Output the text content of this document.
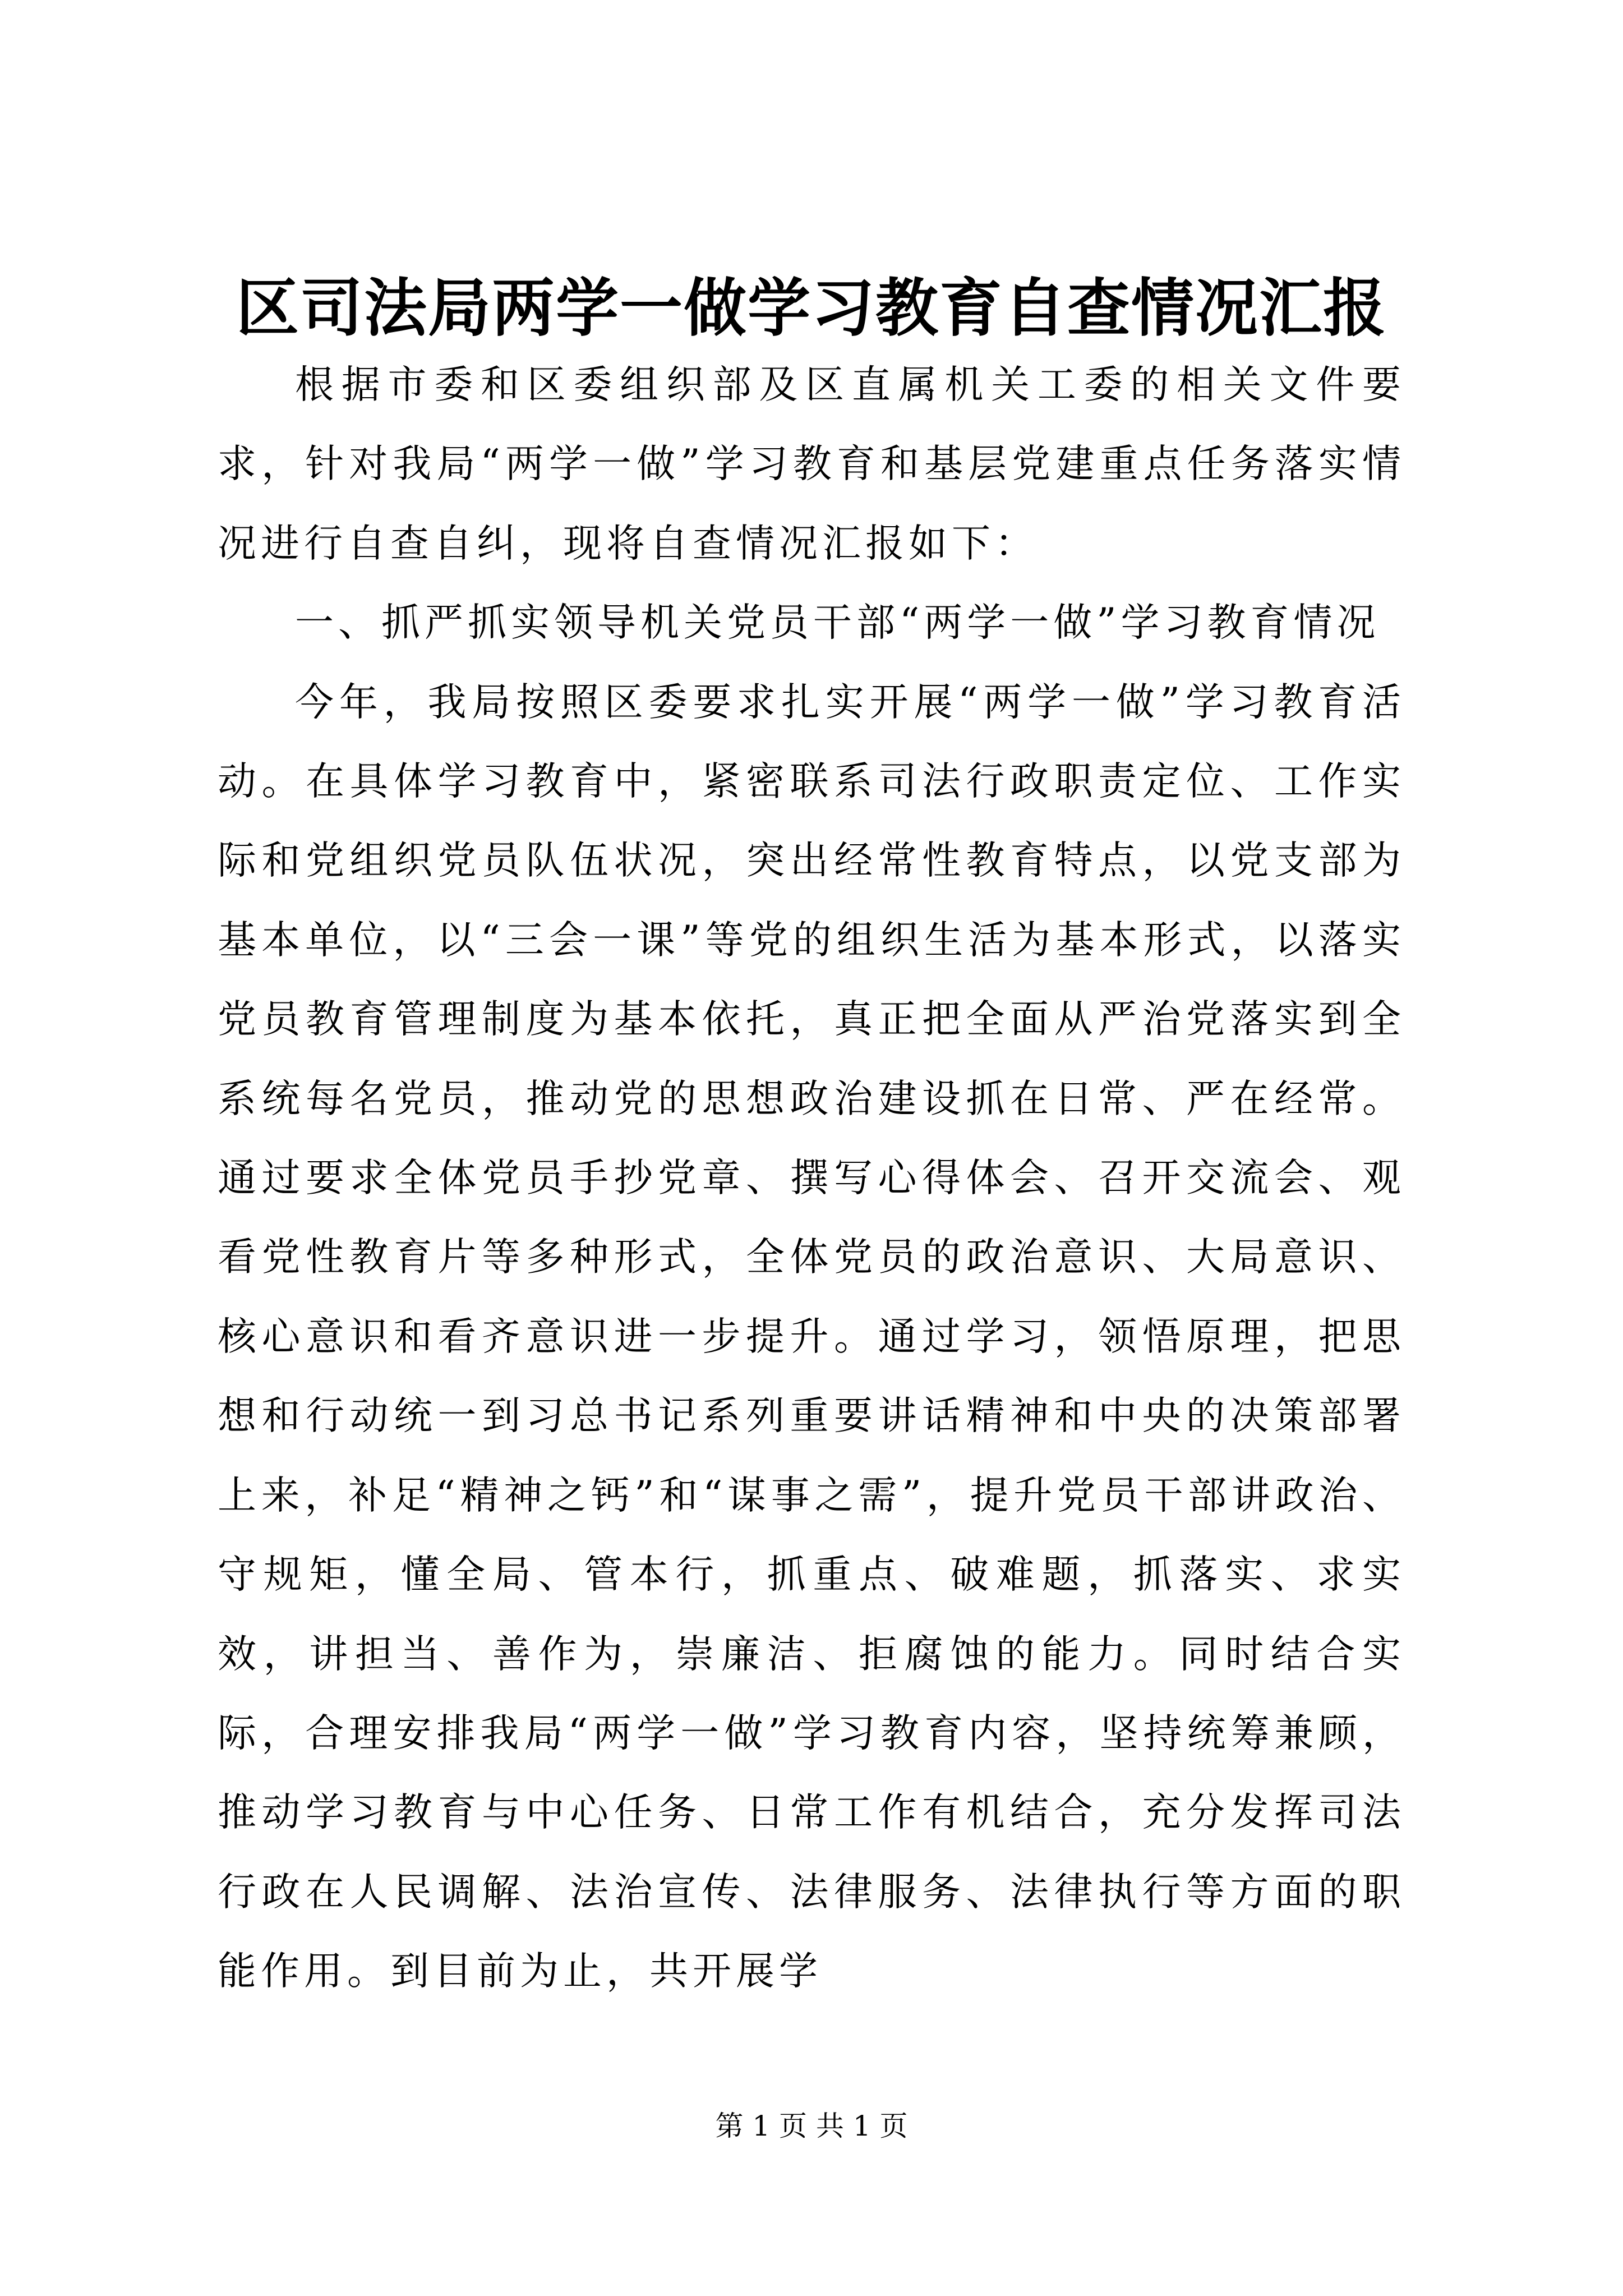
区司法局两学一做学习教育自查情况汇报

根据市委和区委组织部及区直属机关工委的相关文件要求，针对我局“两学一做”学习教育和基层党建重点任务落实情况进行自查自纠，现将自查情况汇报如下：

一、抓严抓实领导机关党员干部“两学一做”学习教育情况

今年，我局按照区委要求扎实开展“两学一做”学习教育活动。在具体学习教育中，紧密联系司法行政职责定位、工作实际和党组织党员队伍状况，突出经常性教育特点，以党支部为基本单位，以“三会一课”等党的组织生活为基本形式，以落实党员教育管理制度为基本依托，真正把全面从严治党落实到全系统每名党员，推动党的思想政治建设抓在日常、严在经常。通过要求全体党员手抄党章、撰写心得体会、召开交流会、观看党性教育片等多种形式，全体党员的政治意识、大局意识、核心意识和看齐意识进一步提升。通过学习，领悟原理，把思想和行动统一到习总书记系列重要讲话精神和中央的决策部署上来，补足“精神之钙”和“谋事之需”，提升党员干部讲政治、守规矩，懂全局、管本行，抓重点、破难题，抓落实、求实效，讲担当、善作为，崇廉洁、拒腐蚀的能力。同时结合实际，合理安排我局“两学一做”学习教育内容，坚持统筹兼顾，推动学习教育与中心任务、日常工作有机结合，充分发挥司法行政在人民调解、法治宣传、法律服务、法律执行等方面的职能作用。到目前为止，共开展学

第 1 页 共 1 页
